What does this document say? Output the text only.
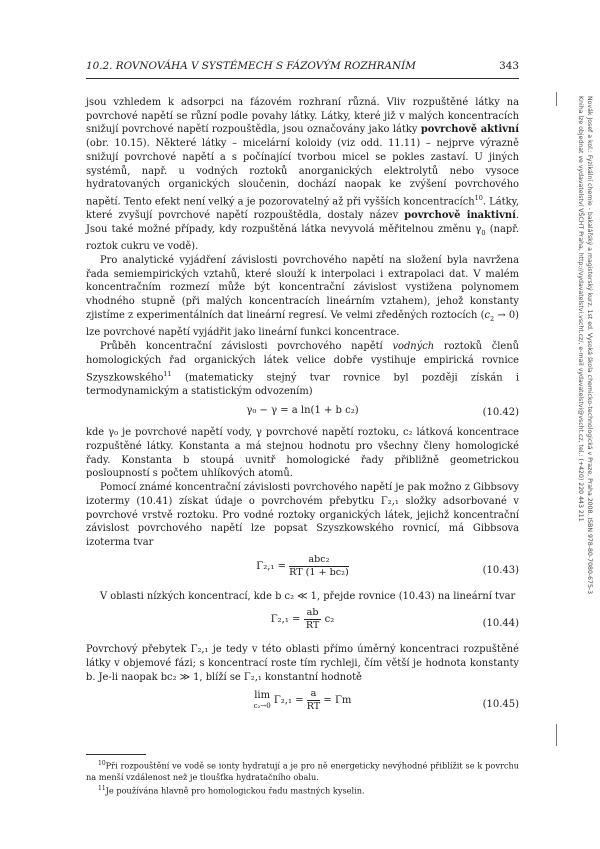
10.2. ROVNOVÁHA V SYSTÉMECH S FÁZOVÝM ROZHRANÍM	343

jsou vzhledem k adsorpci na fázovém rozhraní různá. Vliv rozpuštěné látky na povrchové napětí se různí podle povahy látky. Látky, které již v malých koncentracích snižují povrchové napětí rozpouštědla, jsou označovány jako látky povrchově aktivní (obr. 10.15). Některé látky – micelární koloidy (viz odd. 11.11) – nejprve výrazně snižují povrchové napětí a s počínající tvorbou micel se pokles zastaví. U jiných systémů, např. u vodných roztoků anorganických elektrolytů nebo vysoce hydratovaných organických sloučenin, dochází naopak ke zvýšení povrchového napětí. Tento efekt není velký a je pozorovatelný až při vyšších koncentracích$^{10}$. Látky, které zvyšují povrchové napětí rozpouštědla, dostaly název povrchově inaktivní. Jsou také možné případy, kdy rozpuštěná látka nevyvolá měřitelnou změnu $\gamma_0$ (např. roztok cukru ve vodě).

Pro analytické vyjádření závislosti povrchového napětí na složení byla navržena řada semiempirických vztahů, které slouží k interpolaci i extrapolaci dat. V malém koncentračním rozmezí může být koncentrační závislost vystižena polynomem vhodného stupně (při malých koncentracích lineárním vztahem), jehož konstanty zjistíme z experimentálních dat lineární regresí. Ve velmi zředěných roztocích $(c_2 \to 0)$ lze povrchové napětí vyjádřit jako lineární funkci koncentrace.

Průběh koncentrační závislosti povrchového napětí vodných roztoků členů homologických řad organických látek velice dobře vystihuje empirická rovnice Szyszkowského$^{11}$ (matematicky stejný tvar rovnice byl později získán i termodynamickým a statistickým odvozením)

γ₀ − γ = a ln(1 + b c₂)	(10.42)

kde γ₀ je povrchové napětí vody, γ povrchové napětí roztoku, c₂ látková koncentrace rozpuštěné látky. Konstanta a má stejnou hodnotu pro všechny členy homologické řady. Konstanta b stoupá uvnitř homologické řady přibližně geometrickou posloupností s počtem uhlíkových atomů.

Pomocí známé koncentrační závislosti povrchového napětí je pak možno z Gibbsovy izotermy (10.41) získat údaje o povrchovém přebytku Γ₂,₁ složky adsorbované v povrchové vrstvě roztoku. Pro vodné roztoky organických látek, jejichž koncentrační závislost povrchového napětí lze popsat Szyszkowského rovnicí, má Gibbsova izoterma tvar

$\Gamma_2,_1 = \frac{\text{abc₂}}{\text{RT (1 + bc₂)}}$	(10.43)

V oblasti nízkých koncentrací, kde b c₂ ≪ 1, přejde rovnice (10.43) na lineární tvar

$\Gamma_2,_1 = \frac{ab}{RT} c_2$	(10.44)

Povrchový přebytek Γ₂,₁ je tedy v této oblasti přímo úměrný koncentraci rozpuštěné látky v objemové fázi; s koncentrací roste tím rychleji, čím větší je hodnota konstanty b. Je-li naopak bc₂ ≫ 1, blíží se Γ₂,₁ konstantní hodnotě

lim
c₂→0 $\Gamma_2,_1 = \frac{a}{RT} = \Gamma m$	(10.45)

$^{10}$Při rozpouštění ve vodě se ionty hydratují a je pro ně energeticky nevýhodné přiblížit se k povrchu na menší vzdálenost než je tloušťka hydratačního obalu.

$^{11}$Je používána hlavně pro homologickou řadu mastných kyselin.

Novák Josef a kol.: Fyzikální chemie - bakalářský a magisterský kurz. 1st ed. Vysoká škola chemicko-technologická v Praze, Praha 2008. ISBN 978-80-7080-675-3
Kniha lze objednat ve vydavatelství VŠCHT Praha, http://vydavatelstvi.vscht.cz/, e-mail vydavatelstvi@vscht.cz, tel.: (+420) 220 443 211
